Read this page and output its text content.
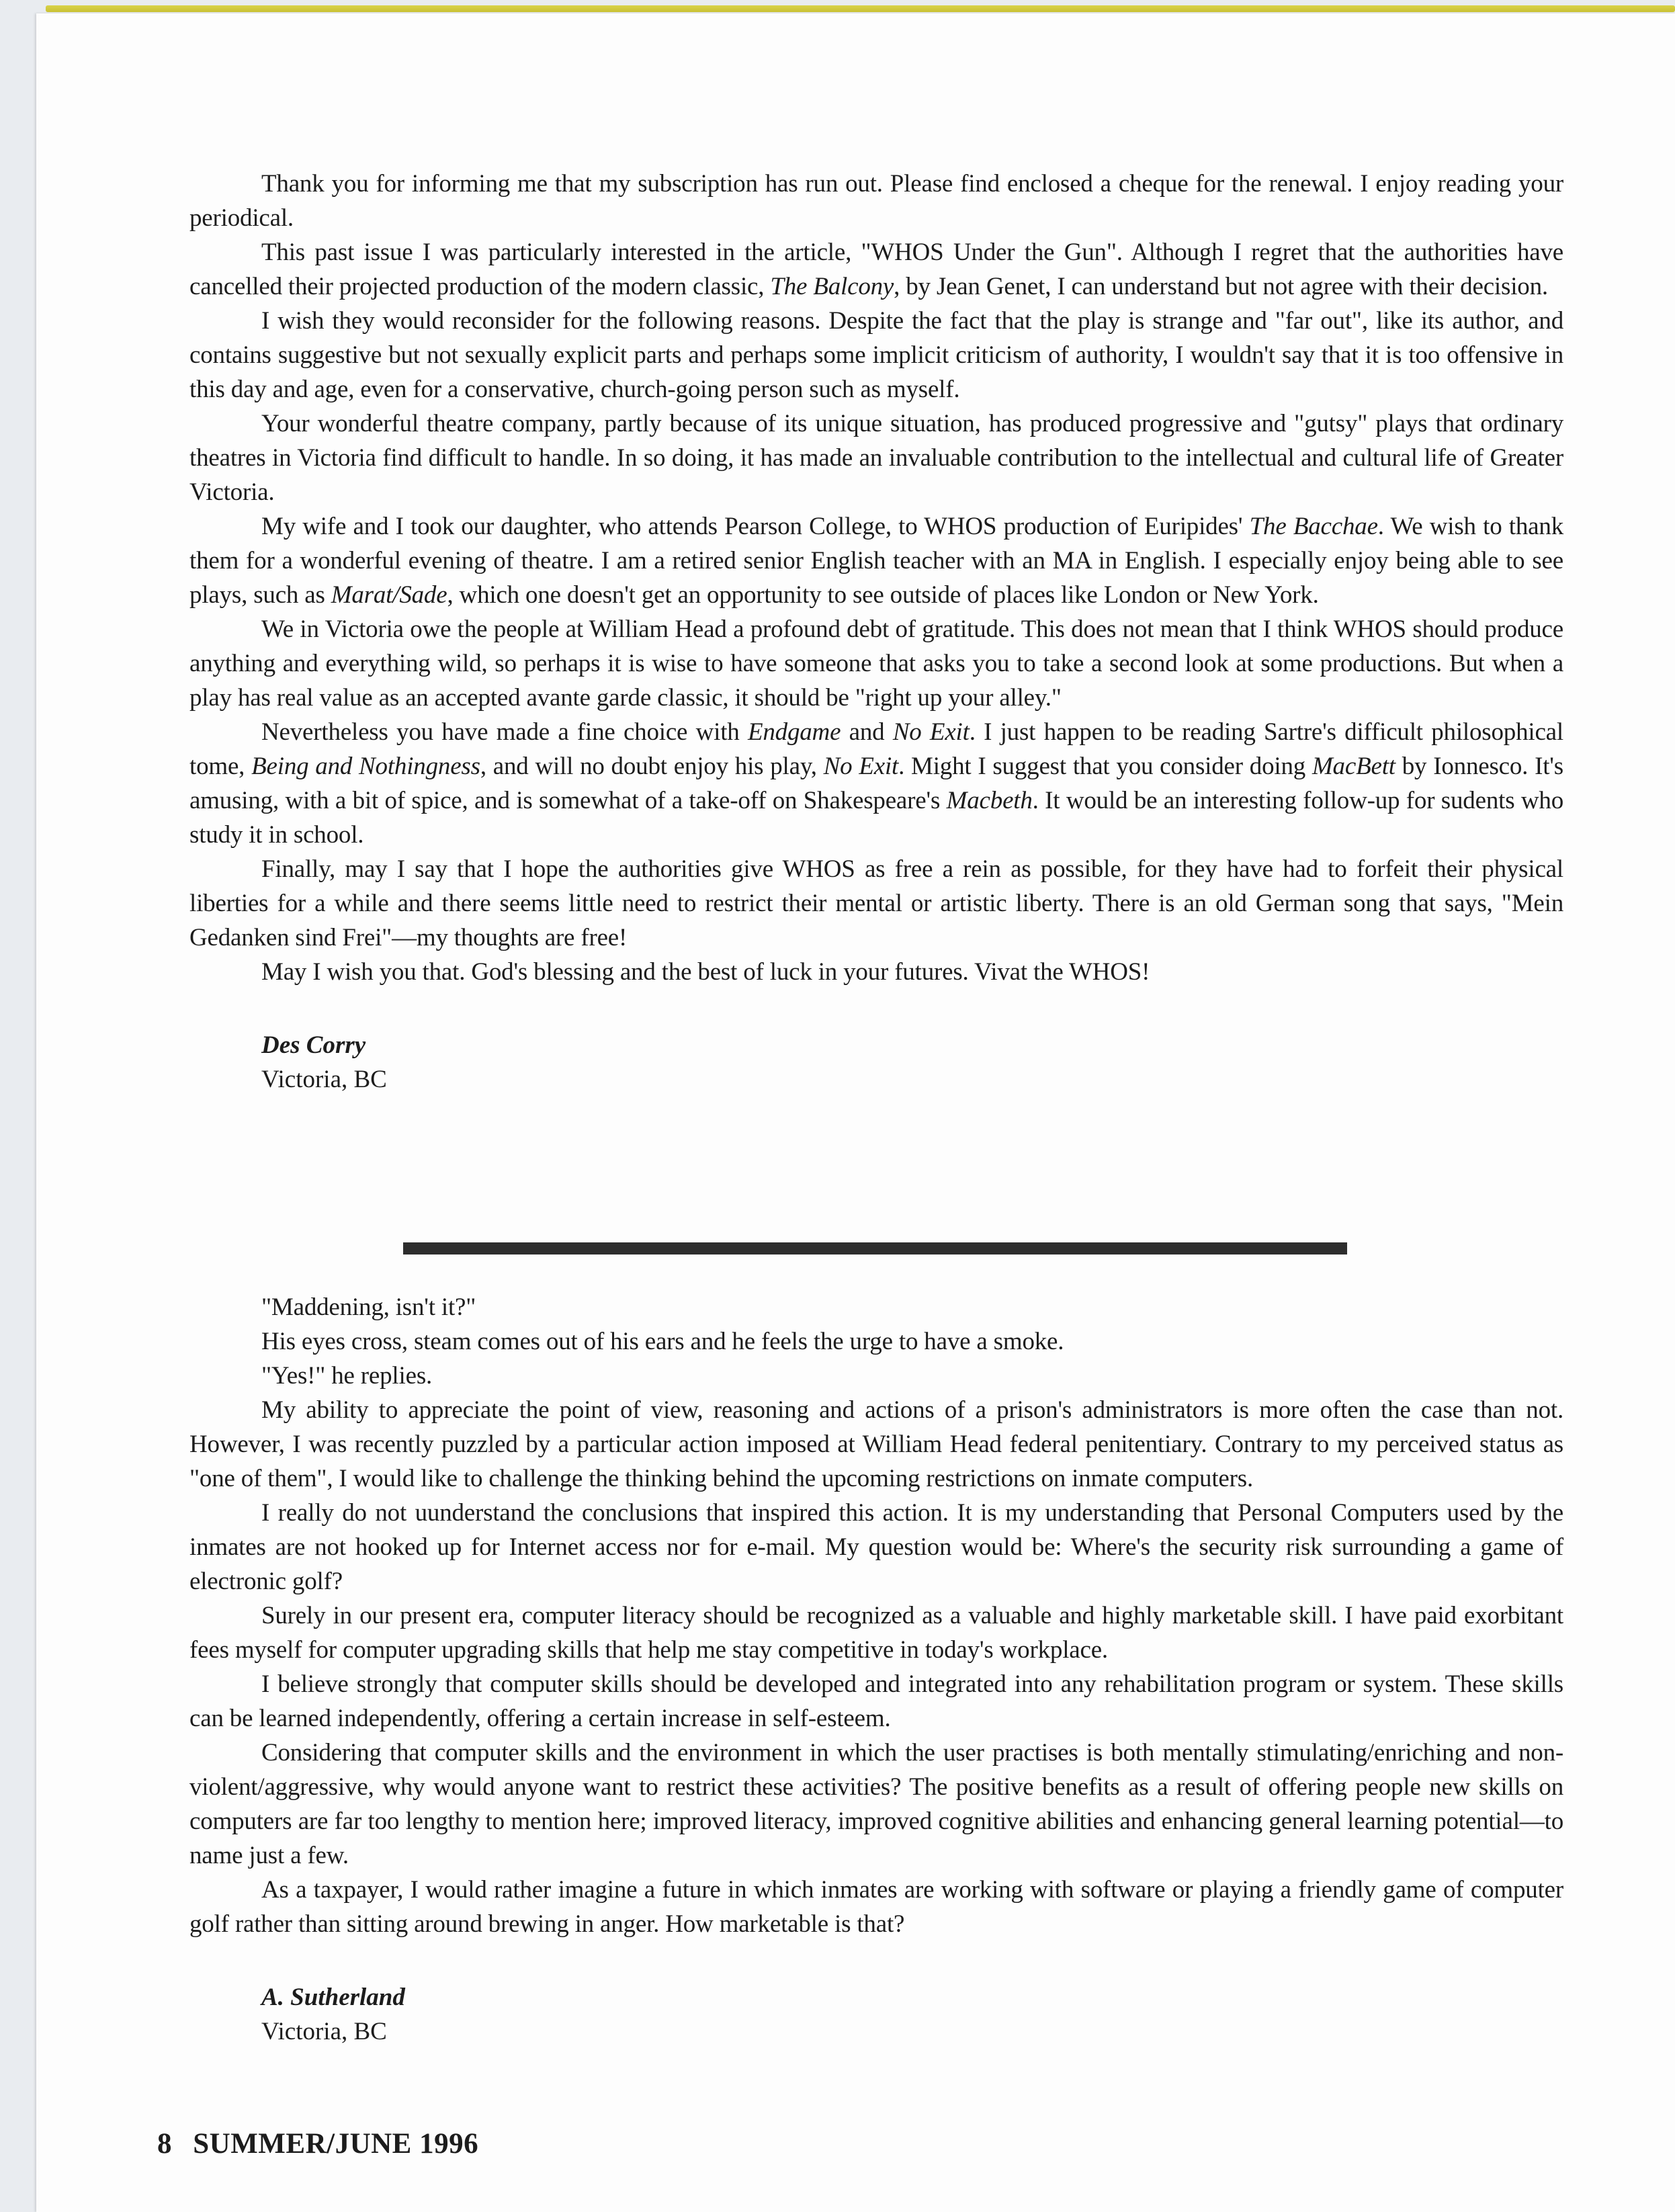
Thank you for informing me that my subscription has run out. Please find enclosed a cheque for the renewal. I enjoy reading your periodical.

This past issue I was particularly interested in the article, "WHOS Under the Gun". Although I regret that the authorities have cancelled their projected production of the modern classic, The Balcony, by Jean Genet, I can understand but not agree with their decision.

I wish they would reconsider for the following reasons. Despite the fact that the play is strange and "far out", like its author, and contains suggestive but not sexually explicit parts and perhaps some implicit criticism of authority, I wouldn't say that it is too offensive in this day and age, even for a conservative, church-going person such as myself.

Your wonderful theatre company, partly because of its unique situation, has produced progressive and "gutsy" plays that ordinary theatres in Victoria find difficult to handle. In so doing, it has made an invaluable contribution to the intellectual and cultural life of Greater Victoria.

My wife and I took our daughter, who attends Pearson College, to WHOS production of Euripides' The Bacchae. We wish to thank them for a wonderful evening of theatre. I am a retired senior English teacher with an MA in English. I especially enjoy being able to see plays, such as Marat/Sade, which one doesn't get an opportunity to see outside of places like London or New York.

We in Victoria owe the people at William Head a profound debt of gratitude. This does not mean that I think WHOS should produce anything and everything wild, so perhaps it is wise to have someone that asks you to take a second look at some productions. But when a play has real value as an accepted avante garde classic, it should be "right up your alley."

Nevertheless you have made a fine choice with Endgame and No Exit. I just happen to be reading Sartre's difficult philosophical tome, Being and Nothingness, and will no doubt enjoy his play, No Exit. Might I suggest that you consider doing MacBett by Ionnesco. It's amusing, with a bit of spice, and is somewhat of a take-off on Shakespeare's Macbeth. It would be an interesting follow-up for sudents who study it in school.

Finally, may I say that I hope the authorities give WHOS as free a rein as possible, for they have had to forfeit their physical liberties for a while and there seems little need to restrict their mental or artistic liberty. There is an old German song that says, "Mein Gedanken sind Frei"—my thoughts are free!

May I wish you that. God's blessing and the best of luck in your futures. Vivat the WHOS!

Des Corry
Victoria, BC

"Maddening, isn't it?"

His eyes cross, steam comes out of his ears and he feels the urge to have a smoke.

"Yes!" he replies.

My ability to appreciate the point of view, reasoning and actions of a prison's administrators is more often the case than not. However, I was recently puzzled by a particular action imposed at William Head federal penitentiary. Contrary to my perceived status as "one of them", I would like to challenge the thinking behind the upcoming restrictions on inmate computers.

I really do not uunderstand the conclusions that inspired this action. It is my understanding that Personal Computers used by the inmates are not hooked up for Internet access nor for e-mail. My question would be: Where's the security risk surrounding a game of electronic golf?

Surely in our present era, computer literacy should be recognized as a valuable and highly marketable skill. I have paid exorbitant fees myself for computer upgrading skills that help me stay competitive in today's workplace.

I believe strongly that computer skills should be developed and integrated into any rehabilitation program or system. These skills can be learned independently, offering a certain increase in self-esteem.

Considering that computer skills and the environment in which the user practises is both mentally stimulating/enriching and non-violent/aggressive, why would anyone want to restrict these activities? The positive benefits as a result of offering people new skills on computers are far too lengthy to mention here; improved literacy, improved cognitive abilities and enhancing general learning potential—to name just a few.

As a taxpayer, I would rather imagine a future in which inmates are working with software or playing a friendly game of computer golf rather than sitting around brewing in anger. How marketable is that?

A. Sutherland
Victoria, BC
8 SUMMER/JUNE 1996
